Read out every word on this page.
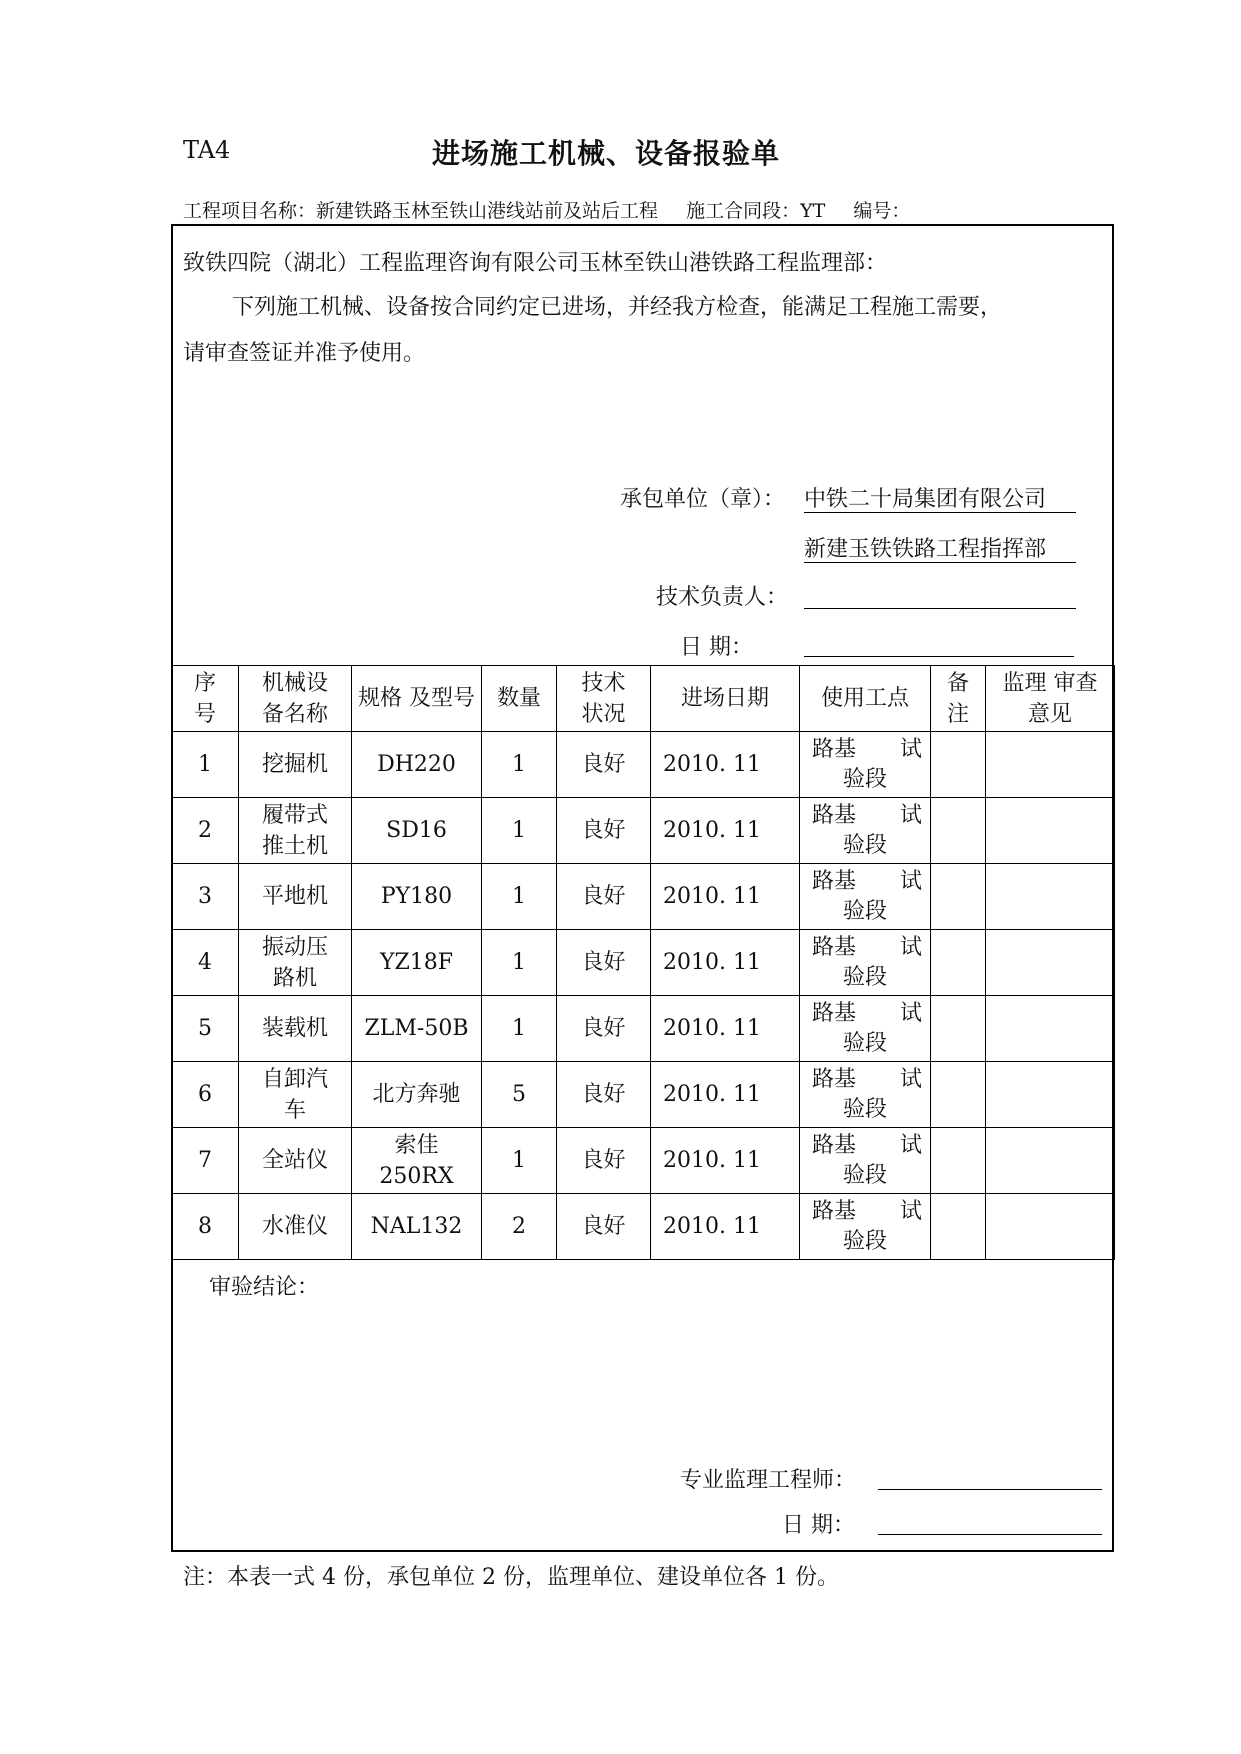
TA4	进场施工机械、设备报验单
工程项目名称：新建铁路玉林至铁山港线站前及站后工程 施工合同段：YT 编号：
致铁四院（湖北）工程监理咨询有限公司玉林至铁山港铁路工程监理部：
下列施工机械、设备按合同约定已进场，并经我方检查，能满足工程施工需要，
请审查签证并准予使用。
承包单位（章）： 中铁二十局集团有限公司
新建玉铁铁路工程指挥部
技术负责人：
日 期：
序号	机械设备名称	规格 及型号	数量	技术状况	进场日期	使用工点	备注	监理 审查意见

1	挖掘机	DH220	1	良好	2010. 11	路基 试
验段		

2	履带式推土机	SD16	1	良好	2010. 11	路基 试
验段		

3	平地机	PY180	1	良好	2010. 11	路基 试
验段		

4	振动压路机	YZ18F	1	良好	2010. 11	路基 试
验段		

5	装载机	ZLM-50B	1	良好	2010. 11	路基 试
验段		

6	自卸汽车	北方奔驰	5	良好	2010. 11	路基 试
验段		

7	全站仪	索佳 250RX	1	良好	2010. 11	路基 试
验段		

8	水准仪	NAL132	2	良好	2010. 11	路基 试
验段		

审验结论：
专业监理工程师：
日 期：
注：本表一式 4 份，承包单位 2 份，监理单位、建设单位各 1 份。
